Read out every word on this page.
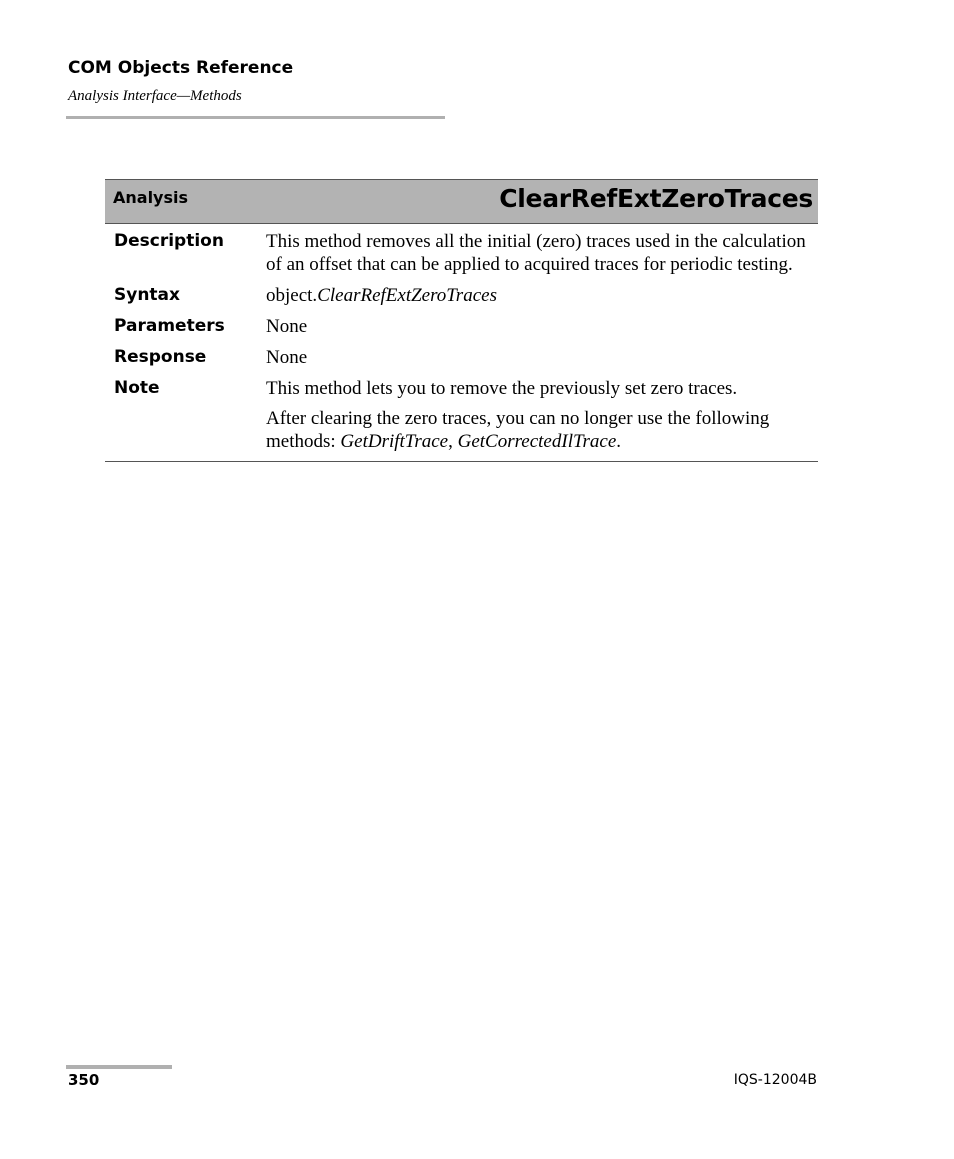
COM Objects Reference
Analysis Interface—Methods
Analysis	ClearRefExtZeroTraces
Description	This method removes all the initial (zero) traces used in the calculation of an offset that can be applied to acquired traces for periodic testing.

Syntax	object.ClearRefExtZeroTraces

Parameters	None

Response	None

Note	This method lets you to remove the previously set zero traces.

After clearing the zero traces, you can no longer use the following methods: GetDriftTrace, GetCorrectedIlTrace.

350	IQS-12004B
